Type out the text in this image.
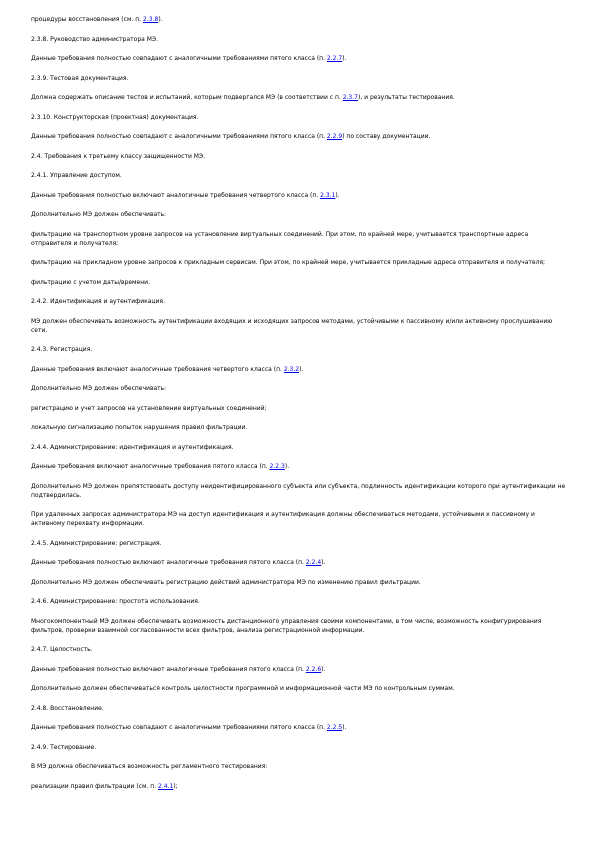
процедуры восстановления (см. п. 2.3.8).

2.3.8. Руководство администратора МЭ.

Данные требования полностью совпадают с аналогичными требованиями пятого класса (п. 2.2.7).

2.3.9. Тестовая документация.

Должна содержать описание тестов и испытаний, которым подвергался МЭ (в соответствии с п. 2.3.7), и результаты тестирования.

2.3.10. Конструкторская (проектная) документация.

Данные требования полностью совпадают с аналогичными требованиями пятого класса (п. 2.2.9) по составу документации.

2.4. Требования к третьему классу защищенности МЭ.

2.4.1. Управление доступом.

Данные требования полностью включают аналогичные требования четвертого класса (п. 2.3.1).

Дополнительно МЭ должен обеспечивать:

фильтрацию на транспортном уровне запросов на установление виртуальных соединений. При этом, по крайней мере, учитывается транспортные адреса отправителя и получателя;

фильтрацию на прикладном уровне запросов к прикладным сервисам. При этом, по крайней мере, учитывается прикладные адреса отправителя и получателя;

фильтрацию с учетом даты/времени.

2.4.2. Идентификация и аутентификация.

МЭ должен обеспечивать возможность аутентификации входящих и исходящих запросов методами, устойчивыми к пассивному и/или активному прослушиванию сети.

2.4.3. Регистрация.

Данные требования включают аналогичные требования четвертого класса (п. 2.3.2).

Дополнительно МЭ должен обеспечивать:

регистрацию и учет запросов на установление виртуальных соединений;

локальную сигнализацию попыток нарушения правил фильтрации.

2.4.4. Администрирование: идентификация и аутентификация.

Данные требования включают аналогичные требования пятого класса (п. 2.2.3).

Дополнительно МЭ должен препятствовать доступу неидентифицированного субъекта или субъекта, подлинность идентификации которого при аутентификации не подтвердилась.

При удаленных запросах администратора МЭ на доступ идентификация и аутентификация должны обеспечиваться методами, устойчивыми к пассивному и активному перехвату информации.

2.4.5. Администрирование: регистрация.

Данные требования полностью включают аналогичные требования пятого класса (п. 2.2.4).

Дополнительно МЭ должен обеспечивать регистрацию действий администратора МЭ по изменению правил фильтрации.

2.4.6. Администрирование: простота использования.

Многокомпонентный МЭ должен обеспечивать возможность дистанционного управления своими компонентами, в том числе, возможность конфигурирования фильтров, проверки взаимной согласованности всех фильтров, анализа регистрационной информации.

2.4.7. Целостность.

Данные требования полностью включают аналогичные требования пятого класса (п. 2.2.6).

Дополнительно должен обеспечиваться контроль целостности программной и информационной части МЭ по контрольным суммам.

2.4.8. Восстановление.

Данные требования полностью совпадают с аналогичными требованиями пятого класса (п. 2.2.5).

2.4.9. Тестирование.

В МЭ должна обеспечиваться возможность регламентного тестирования:

реализации правил фильтрации (см. п. 2.4.1);
